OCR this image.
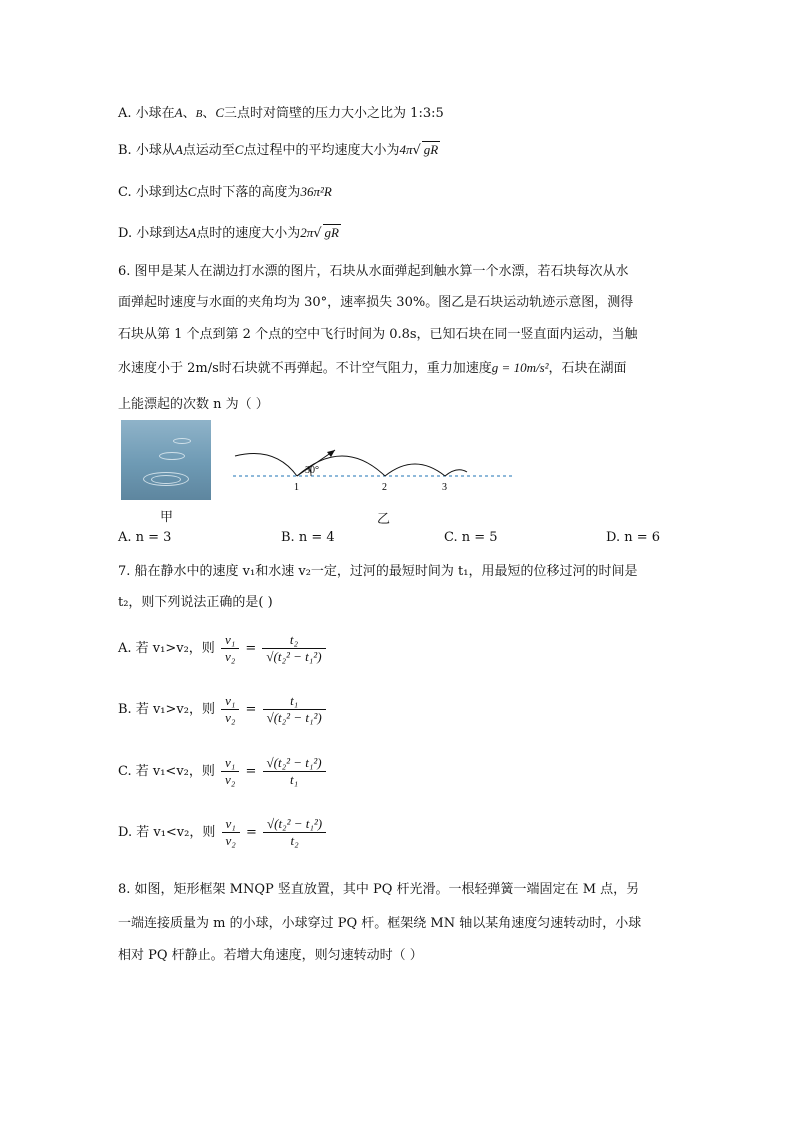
A. 小球在A、B、C三点时对筒壁的压力大小之比为 1:3:5
B. 小球从A点运动至C点过程中的平均速度大小为4π√ gR
C. 小球到达C点时下落的高度为36π²R
D. 小球到达A点时的速度大小为2π√ gR
6. 图甲是某人在湖边打水漂的图片，石块从水面弹起到触水算一个水漂，若石块每次从水
面弹起时速度与水面的夹角均为 30°，速率损失 30%。图乙是石块运动轨迹示意图，测得
石块从第 1 个点到第 2 个点的空中飞行时间为 0.8s，已知石块在同一竖直面内运动，当触
水速度小于 2m/s时石块就不再弹起。不计空气阻力，重力加速度g = 10m/s²，石块在湖面
上能漂起的次数 n 为（ ）
甲
30°
1	2	3
乙
A. n = 3	B. n = 4	C. n = 5	D. n = 6
7. 船在静水中的速度 v₁和水速 v₂一定，过河的最短时间为 t₁，用最短的位移过河的时间是
t₂，则下列说法正确的是( )
A. 若 v₁>v₂，则 $\frac{\text{v₁}}{\text{v₂}} = \frac{\text{t₂}}{\text{√(t₂² − t₁²)}}$
B. 若 v₁>v₂，则 $\frac{\text{v₁}}{\text{v₂}} = \frac{\text{t₁}}{\text{√(t₂² − t₁²)}}$
C. 若 v₁<v₂，则 $\frac{\text{v₁}}{\text{v₂}} = \frac{\text{√(t₂² − t₁²)}}{\text{t₁}}$
D. 若 v₁<v₂，则 $\frac{\text{v₁}}{\text{v₂}} = \frac{\text{√(t₂² − t₁²)}}{\text{t₂}}$
8. 如图，矩形框架 MNQP 竖直放置，其中 PQ 杆光滑。一根轻弹簧一端固定在 M 点，另
一端连接质量为 m 的小球，小球穿过 PQ 杆。框架绕 MN 轴以某角速度匀速转动时，小球
相对 PQ 杆静止。若增大角速度，则匀速转动时（ ）
